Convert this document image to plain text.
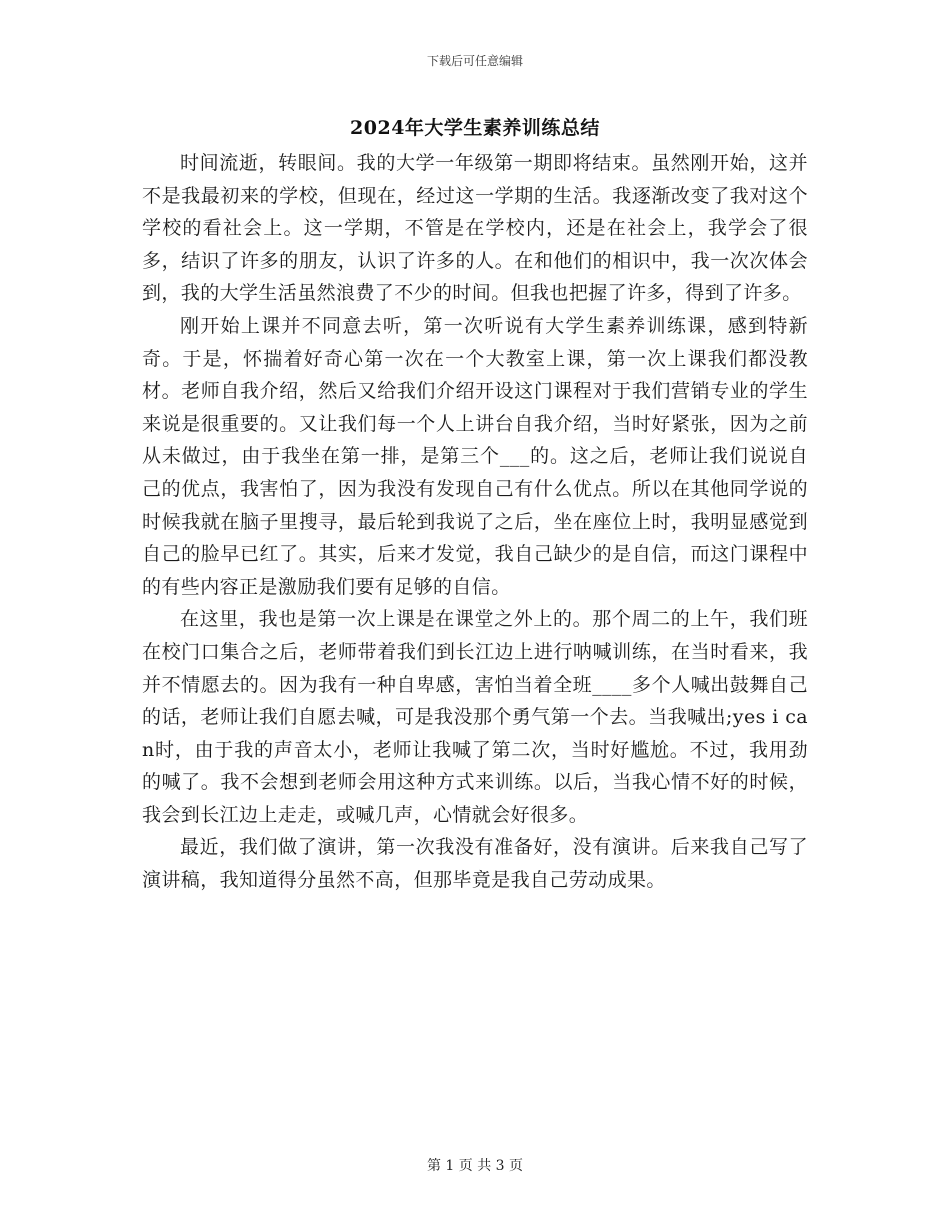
下载后可任意编辑
2024年大学生素养训练总结

时间流逝，转眼间。我的大学一年级第一期即将结束。虽然刚开始，这并不是我最初来的学校，但现在，经过这一学期的生活。我逐渐改变了我对这个学校的看社会上。这一学期，不管是在学校内，还是在社会上，我学会了很多，结识了许多的朋友，认识了许多的人。在和他们的相识中，我一次次体会到，我的大学生活虽然浪费了不少的时间。但我也把握了许多，得到了许多。

刚开始上课并不同意去听，第一次听说有大学生素养训练课，感到特新奇。于是，怀揣着好奇心第一次在一个大教室上课，第一次上课我们都没教材。老师自我介绍，然后又给我们介绍开设这门课程对于我们营销专业的学生来说是很重要的。又让我们每一个人上讲台自我介绍，当时好紧张，因为之前从未做过，由于我坐在第一排，是第三个___的。这之后，老师让我们说说自己的优点，我害怕了，因为我没有发现自己有什么优点。所以在其他同学说的时候我就在脑子里搜寻，最后轮到我说了之后，坐在座位上时，我明显感觉到自己的脸早已红了。其实，后来才发觉，我自己缺少的是自信，而这门课程中的有些内容正是激励我们要有足够的自信。

在这里，我也是第一次上课是在课堂之外上的。那个周二的上午，我们班在校门口集合之后，老师带着我们到长江边上进行呐喊训练，在当时看来，我并不情愿去的。因为我有一种自卑感，害怕当着全班____多个人喊出鼓舞自己的话，老师让我们自愿去喊，可是我没那个勇气第一个去。当我喊出;yes i can时，由于我的声音太小，老师让我喊了第二次，当时好尴尬。不过，我用劲的喊了。我不会想到老师会用这种方式来训练。以后，当我心情不好的时候，我会到长江边上走走，或喊几声，心情就会好很多。

最近，我们做了演讲，第一次我没有准备好，没有演讲。后来我自己写了演讲稿，我知道得分虽然不高，但那毕竟是我自己劳动成果。

第 1 页 共 3 页
